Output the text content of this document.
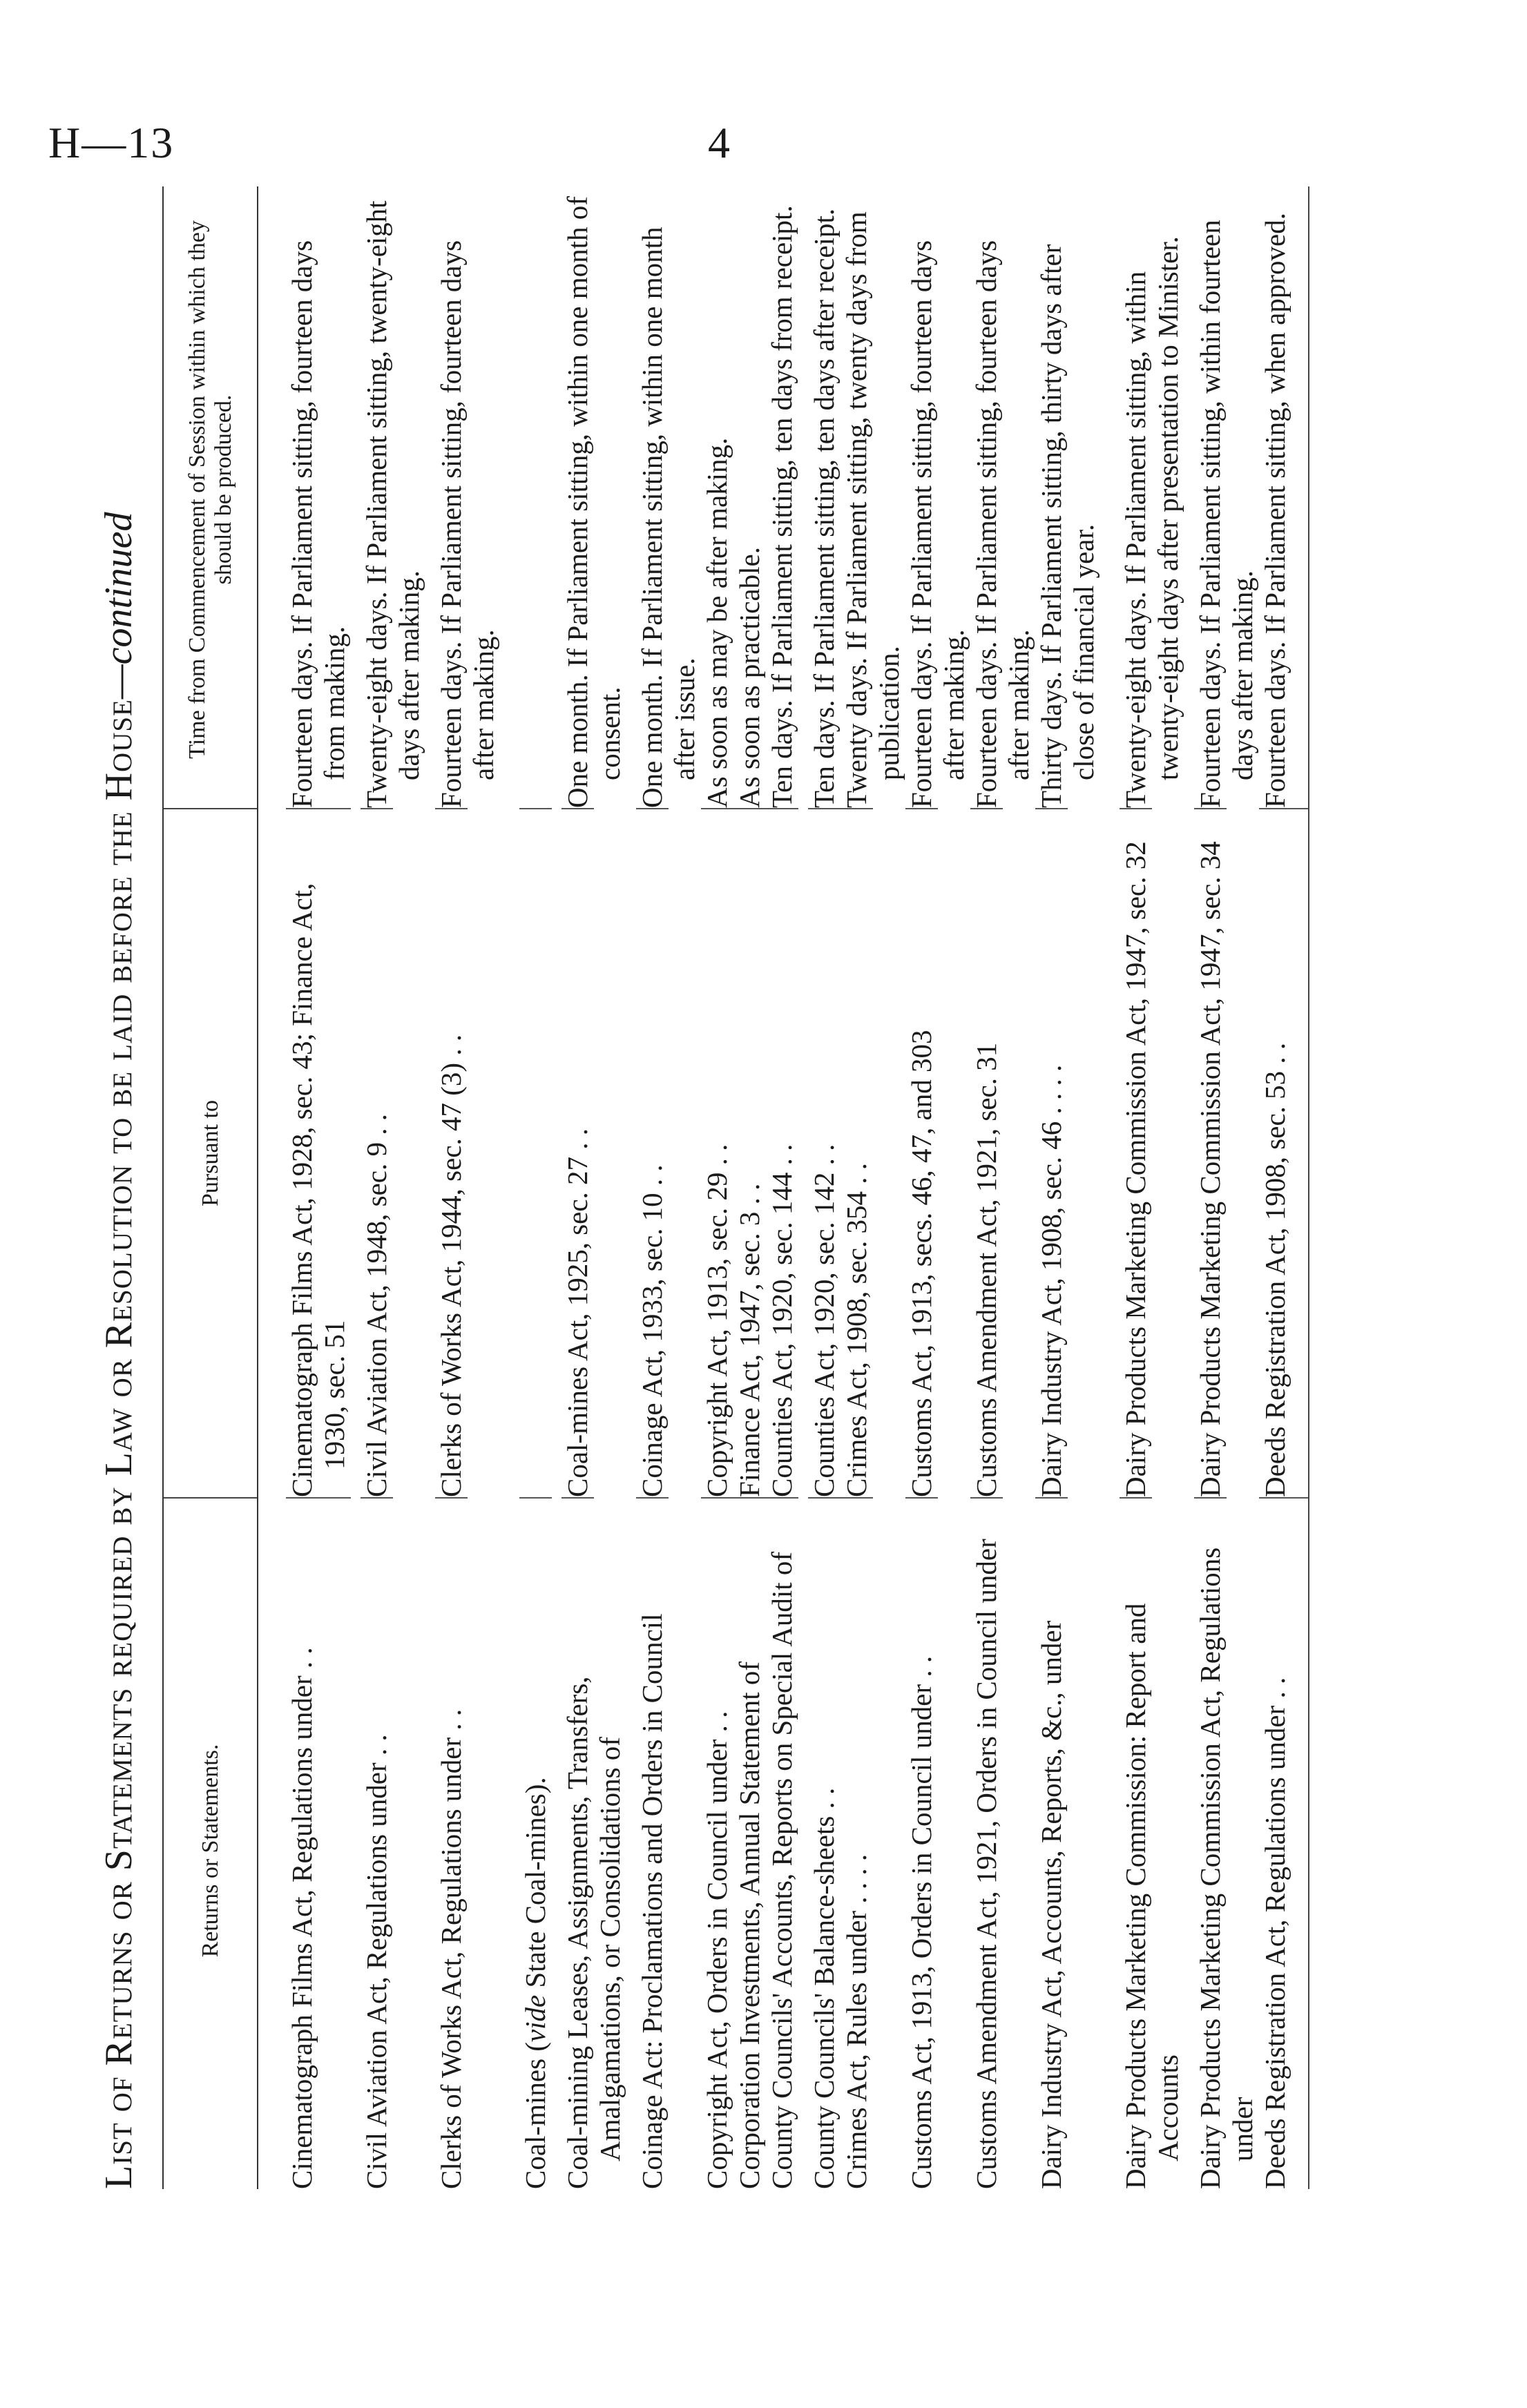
H—13	4
List of Returns or Statements required by Law or Resolution to be laid before the House—continued
Returns or Statements.
Pursuant to
Time from Commencement of Session within which they should be produced.
Cinematograph Films Act, Regulations under . .
Cinematograph Films Act, 1928, sec. 43; Finance Act, 1930, sec. 51
Fourteen days. If Parliament sitting, fourteen days from making.
Civil Aviation Act, Regulations under . .
Civil Aviation Act, 1948, sec. 9 . .
Twenty-eight days. If Parliament sitting, twenty-eight days after making.
Clerks of Works Act, Regulations under . .
Clerks of Works Act, 1944, sec. 47 (3) . .
Fourteen days. If Parliament sitting, fourteen days after making.
Coal-mines (vide State Coal-mines). Coal-mining Leases, Assignments, Transfers, Amalgamations, or Consolidations of
Coal-mines Act, 1925, sec. 27 . .
One month. If Parliament sitting, within one month of consent.
Coinage Act: Proclamations and Orders in Council
Coinage Act, 1933, sec. 10 . .
One month. If Parliament sitting, within one month after issue.
Copyright Act, Orders in Council under . .
Copyright Act, 1913, sec. 29 . .
As soon as may be after making.
Corporation Investments, Annual Statement of
Finance Act, 1947, sec. 3 . .
As soon as practicable.
County Councils' Accounts, Reports on Special Audit of
Counties Act, 1920, sec. 144 . .
Ten days. If Parliament sitting, ten days from receipt.
County Councils' Balance-sheets . .
Counties Act, 1920, sec. 142 . .
Ten days. If Parliament sitting, ten days after receipt.
Crimes Act, Rules under . . . .
Crimes Act, 1908, sec. 354 . .
Twenty days. If Parliament sitting, twenty days from publication.
Customs Act, 1913, Orders in Council under . .
Customs Act, 1913, secs. 46, 47, and 303
Fourteen days. If Parliament sitting, fourteen days after making.
Customs Amendment Act, 1921, Orders in Council under
Customs Amendment Act, 1921, sec. 31
Fourteen days. If Parliament sitting, fourteen days after making.
Dairy Industry Act, Accounts, Reports, &c., under
Dairy Industry Act, 1908, sec. 46 . . . .
Thirty days. If Parliament sitting, thirty days after close of financial year.
Dairy Products Marketing Commission: Report and Accounts
Dairy Products Marketing Commission Act, 1947, sec. 32
Twenty-eight days. If Parliament sitting, within twenty-eight days after presentation to Minister.
Dairy Products Marketing Commission Act, Regulations under
Dairy Products Marketing Commission Act, 1947, sec. 34
Fourteen days. If Parliament sitting, within fourteen days after making.
Deeds Registration Act, Regulations under . .
Deeds Registration Act, 1908, sec. 53 . .
Fourteen days. If Parliament sitting, when approved.
